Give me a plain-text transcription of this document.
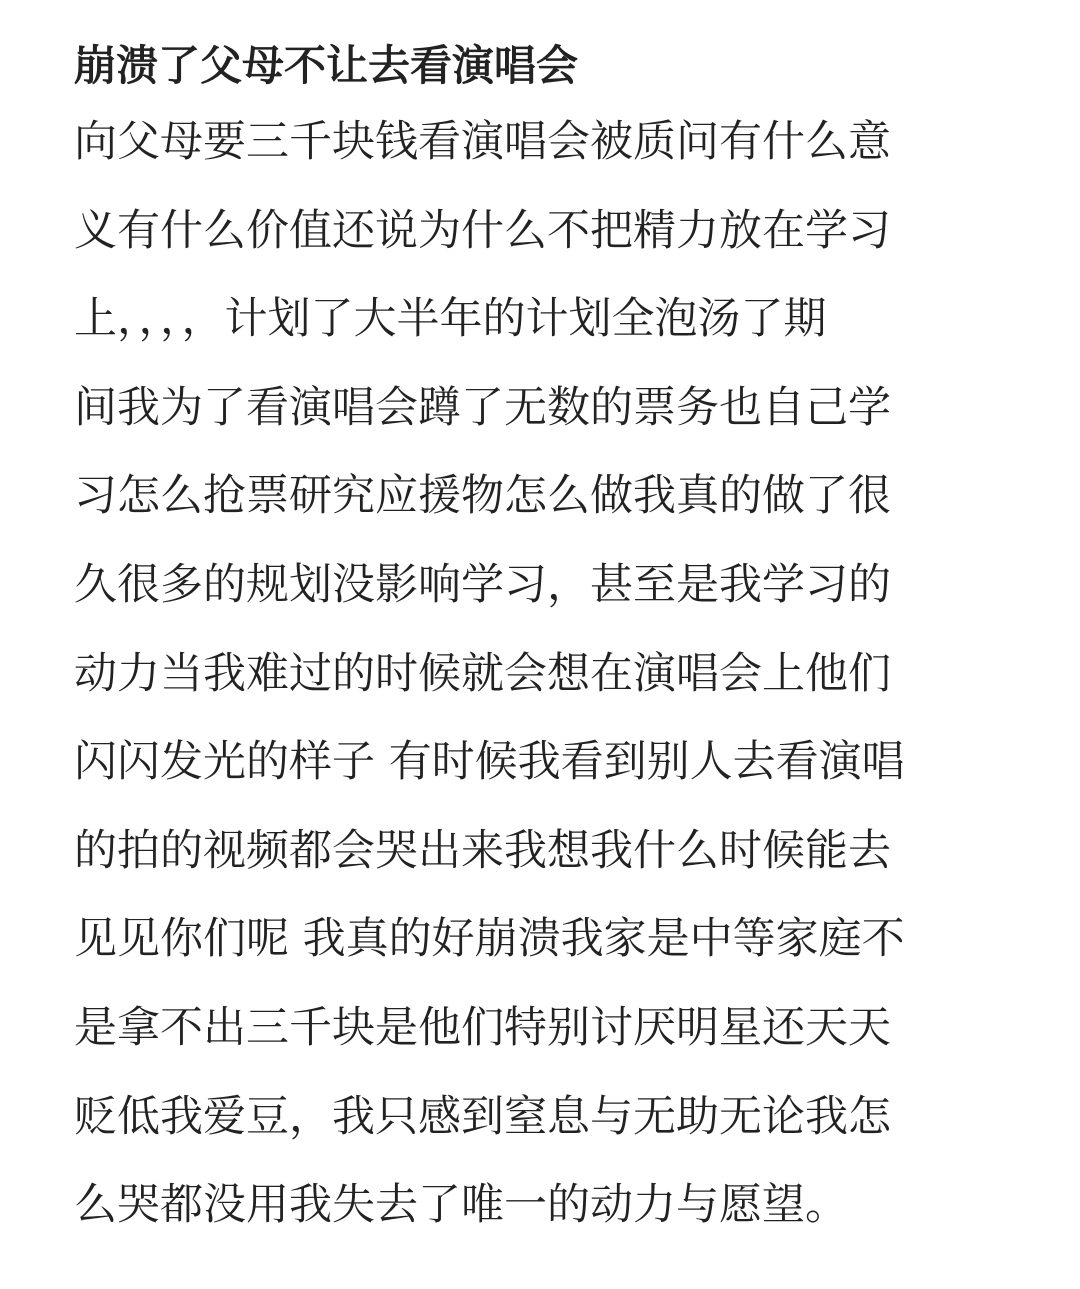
崩溃了父母不让去看演唱会
向父母要三千块钱看演唱会被质问有什么意
义有什么价值还说为什么不把精力放在学习
上，，，，计划了大半年的计划全泡汤了期
间我为了看演唱会蹲了无数的票务也自己学
习怎么抢票研究应援物怎么做我真的做了很
久很多的规划没影响学习，甚至是我学习的
动力当我难过的时候就会想在演唱会上他们
闪闪发光的样子 有时候我看到别人去看演唱
的拍的视频都会哭出来我想我什么时候能去
见见你们呢 我真的好崩溃我家是中等家庭不
是拿不出三千块是他们特别讨厌明星还天天
贬低我爱豆，我只感到窒息与无助无论我怎
么哭都没用我失去了唯一的动力与愿望。
